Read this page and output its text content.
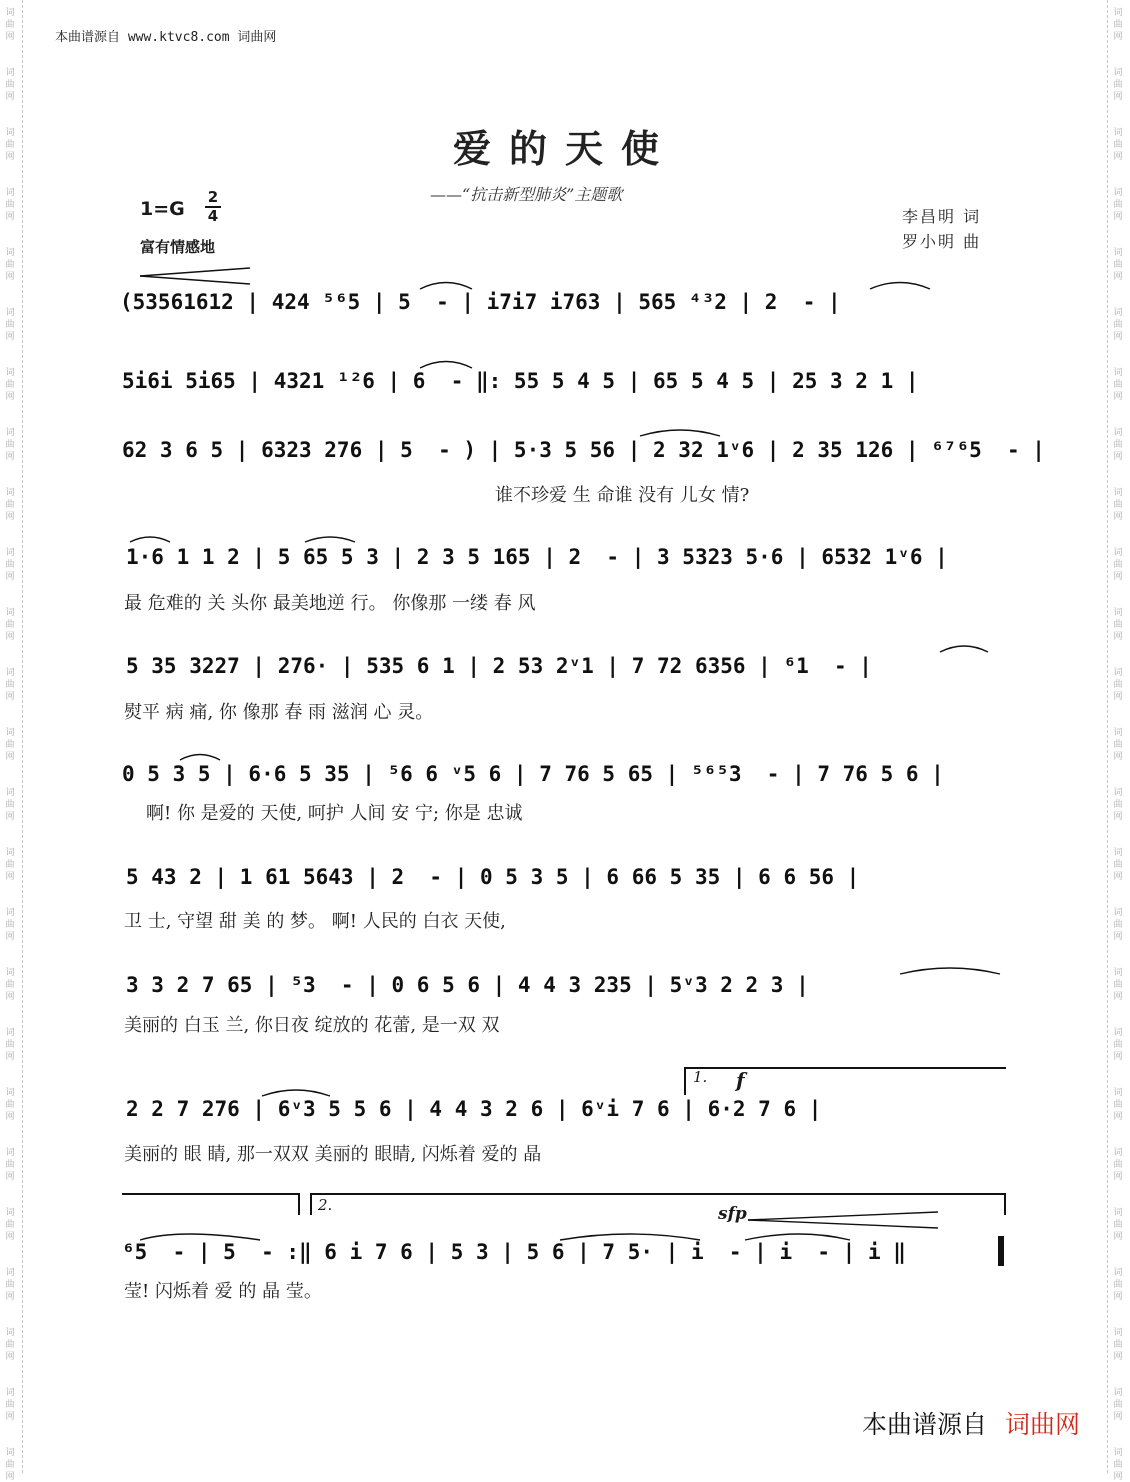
词
曲
网
词
曲
网
词
曲
网
词
曲
网
词
曲
网
词
曲
网
词
曲
网
词
曲
网
词
曲
网
词
曲
网
词
曲
网
词
曲
网
词
曲
网
词
曲
网
词
曲
网
词
曲
网
词
曲
网
词
曲
网
词
曲
网
词
曲
网
词
曲
网
词
曲
网
词
曲
网
词
曲
网
词
曲
网
词
曲
网
词
曲
网
词
曲
网
词
曲
网
词
曲
网
词
曲
网
词
曲
网
词
曲
网
词
曲
网
词
曲
网
词
曲
网
词
曲
网
词
曲
网
词
曲
网
词
曲
网
词
曲
网
词
曲
网
词
曲
网
词
曲
网
词
曲
网
词
曲
网
词
曲
网
词
曲
网
词
曲
网
词
曲
网
本曲谱源自 www.ktvc8.com 词曲网
爱的天使
——“抗击新型肺炎”主题歌
1=G
2
4
富有情感地
李昌明 词
罗小明 曲
(53561612 | 424 ⁵⁶5 | 5  - | i7i7 i763 | 565 ⁴³2 | 2  - |
5i6i 5i65 | 4321 ¹²6 | 6  - ‖: 55 5 4 5 | 65 5 4 5 | 25 3 2 1 |
62 3 6 5 | 6323 276 | 5  - ) | 5·3 5 56 | 2 32 1ᵛ6 | 2 35 126 | ⁶⁷⁶5  - |
谁不珍爱 生 命谁 没有 儿女 情?
1·6 1 1 2 | 5 65 5 3 | 2 3 5 165 | 2  - | 3 5323 5·6 | 6532 1ᵛ6 |
最 危难的 关 头你 最美地逆 行。 你像那 一缕 春 风
5 35 3227 | 276· | 535 6 1 | 2 53 2ᵛ1 | 7 72 6356 | ⁶1  - |
熨平 病 痛, 你 像那 春 雨 滋润 心 灵。
0 5 3 5 | 6·6 5 35 | ⁵6 6 ᵛ5 6 | 7 76 5 65 | ⁵⁶⁵3  - | 7 76 5 6 |
啊! 你 是爱的 天使, 呵护 人间 安 宁; 你是 忠诚
5 43 2 | 1 61 5643 | 2  - | 0 5 3 5 | 6 66 5 35 | 6 6 56 |
卫 士, 守望 甜 美 的 梦。 啊! 人民的 白衣 天使,
3 3 2 7 65 | ⁵3  - | 0 6 5 6 | 4 4 3 235 | 5ᵛ3 2 2 3 |
美丽的 白玉 兰, 你日夜 绽放的 花蕾, 是一双 双
2 2 7 276 | 6ᵛ3 5 5 6 | 4 4 3 2 6 | 6ᵛi 7 6 | 6·2 7 6 |
美丽的 眼 睛, 那一双双 美丽的 眼睛, 闪烁着 爱的 晶
⁶5  - | 5  - :‖ 6 i 7 6 | 5 3 | 5 6 | 7 5· | i  - | i  - | i ‖
莹! 闪烁着 爱 的 晶 莹。
1.
2.
f
sfp
本曲谱源自 词曲网
